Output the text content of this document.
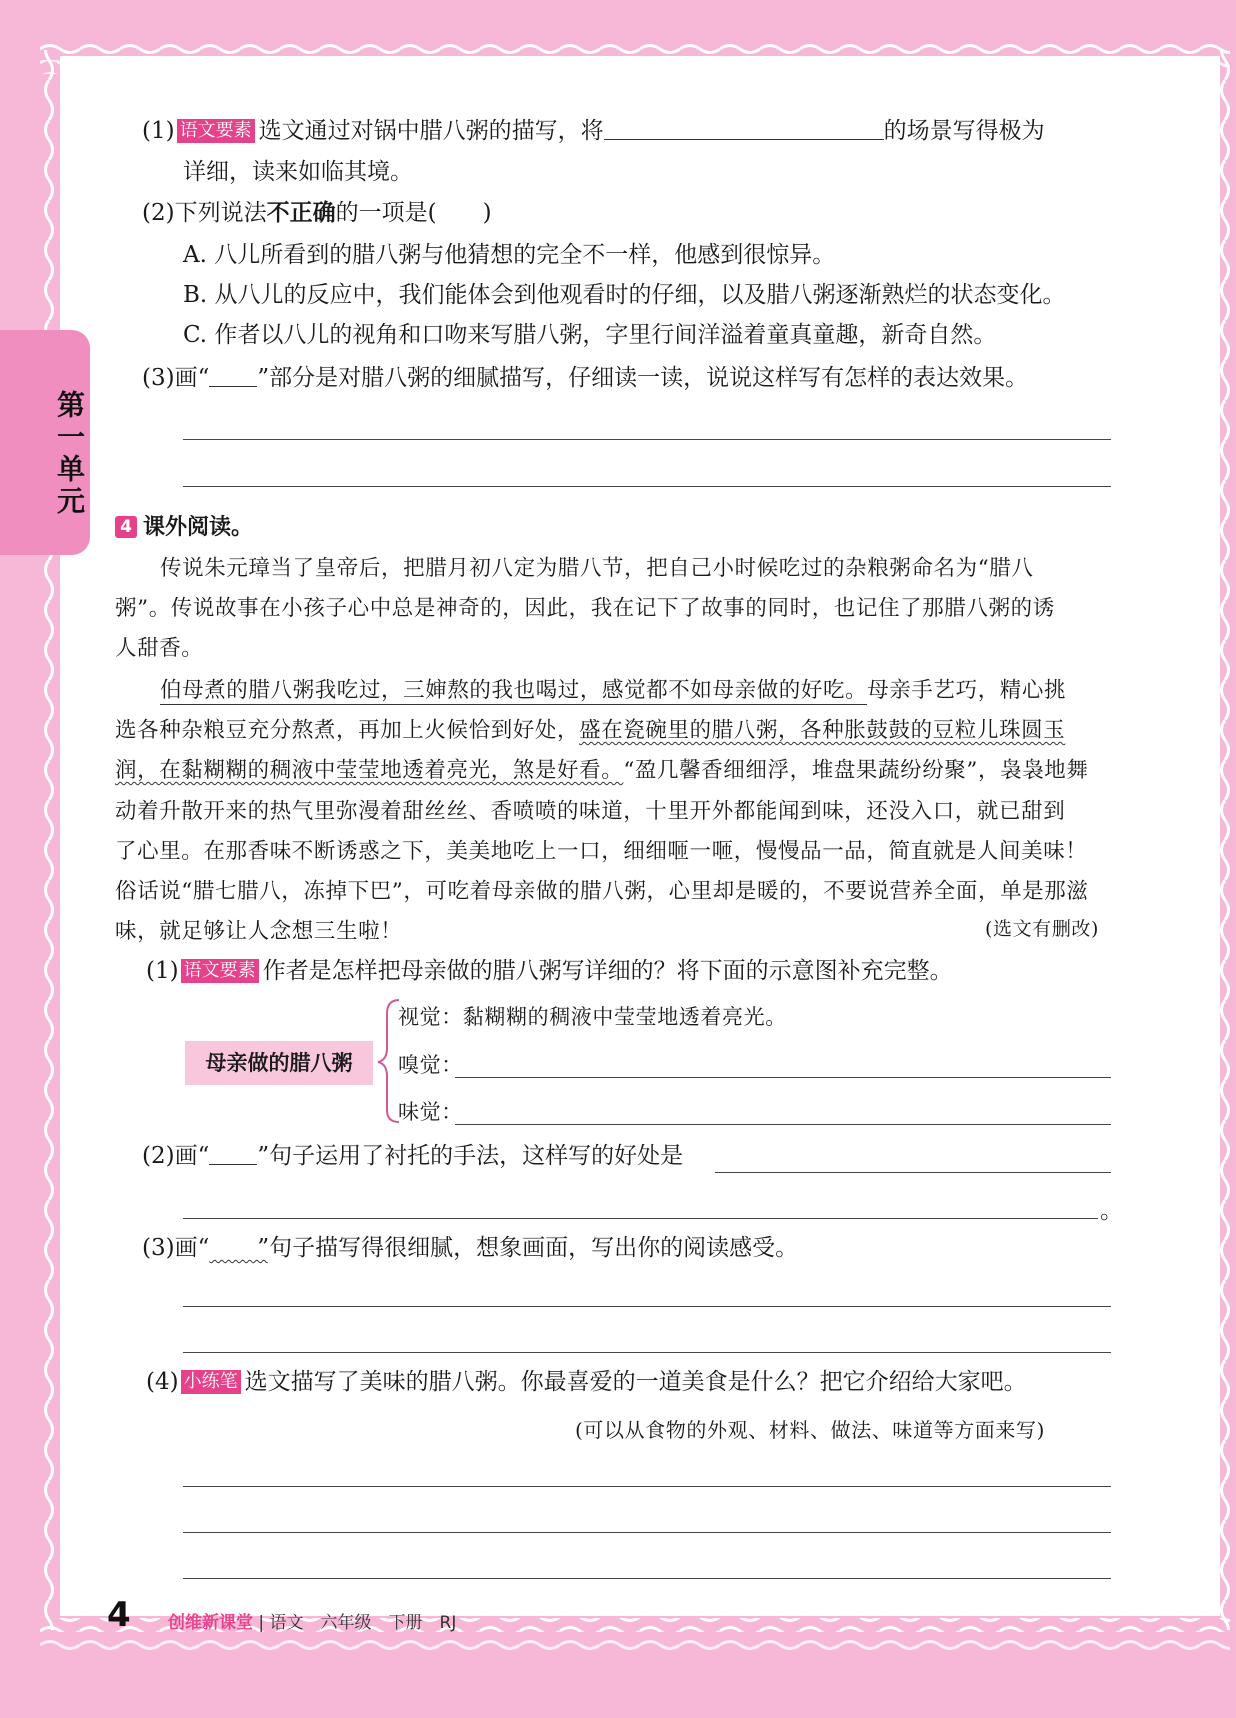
第一单元
(1) 语文要素 选文通过对锅中腊八粥的描写，将	的场景写得极为
详细，读来如临其境。
(2)下列说法不正确的一项是(　　)
A. 八儿所看到的腊八粥与他猜想的完全不一样，他感到很惊异。
B. 从八儿的反应中，我们能体会到他观看时的仔细，以及腊八粥逐渐熟烂的状态变化。
C. 作者以八儿的视角和口吻来写腊八粥，字里行间洋溢着童真童趣，新奇自然。
(3)画“ ”部分是对腊八粥的细腻描写，仔细读一读，说说这样写有怎样的表达效果。
4 课外阅读。
传说朱元璋当了皇帝后，把腊月初八定为腊八节，把自己小时候吃过的杂粮粥命名为“腊八
粥”。传说故事在小孩子心中总是神奇的，因此，我在记下了故事的同时，也记住了那腊八粥的诱
人甜香。
伯母煮的腊八粥我吃过，三婶熬的我也喝过，感觉都不如母亲做的好吃。母亲手艺巧，精心挑
选各种杂粮豆充分熬煮，再加上火候恰到好处，盛在瓷碗里的腊八粥，各种胀鼓鼓的豆粒儿珠圆玉
润，在黏糊糊的稠液中莹莹地透着亮光，煞是好看。“盈几馨香细细浮，堆盘果蔬纷纷聚”，袅袅地舞
动着升散开来的热气里弥漫着甜丝丝、香喷喷的味道，十里开外都能闻到味，还没入口，就已甜到
了心里。在那香味不断诱惑之下，美美地吃上一口，细细咂一咂，慢慢品一品，简直就是人间美味！
俗话说“腊七腊八，冻掉下巴”，可吃着母亲做的腊八粥，心里却是暖的，不要说营养全面，单是那滋
味，就足够让人念想三生啦！	(选文有删改)
(1) 语文要素 作者是怎样把母亲做的腊八粥写详细的？将下面的示意图补充完整。
母亲做的腊八粥
视觉：黏糊糊的稠液中莹莹地透着亮光。
嗅觉：
味觉：
(2)画“ ”句子运用了衬托的手法，这样写的好处是
。
(3)画“​        ”句子描写得很细腻，想象画面，写出你的阅读感受。
(4) 小练笔 选文描写了美味的腊八粥。你最喜爱的一道美食是什么？把它介绍给大家吧。
(可以从食物的外观、材料、做法、味道等方面来写)
4 创维新课堂 | 语文　六年级　下册　RJ
